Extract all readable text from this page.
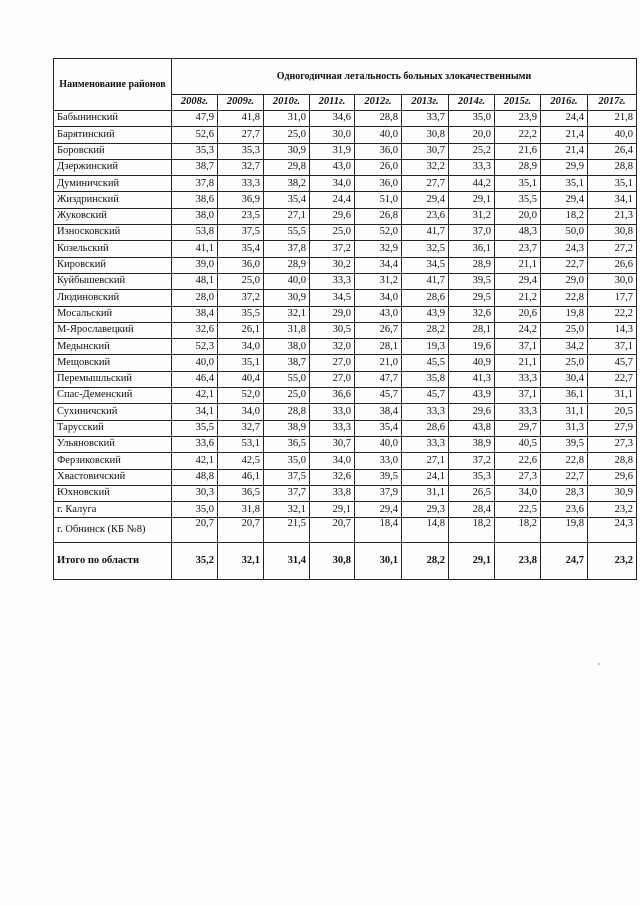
Наименование районов	Одногодичная летальность больных злокачественными									
	2008г.	2009г.	2010г.	2011г.	2012г.	2013г.	2014г.	2015г.	2016г.	2017г.
Бабынинский	47,9	41,8	31,0	34,6	28,8	33,7	35,0	23,9	24,4	21,8
Барятинский	52,6	27,7	25,0	30,0	40,0	30,8	20,0	22,2	21,4	40,0
Боровский	35,3	35,3	30,9	31,9	36,0	30,7	25,2	21,6	21,4	26,4
Дзержинский	38,7	32,7	29,8	43,0	26,0	32,2	33,3	28,9	29,9	28,8
Думиничский	37,8	33,3	38,2	34,0	36,0	27,7	44,2	35,1	35,1	35,1
Жиздринский	38,6	36,9	35,4	24,4	51,0	29,4	29,1	35,5	29,4	34,1
Жуковский	38,0	23,5	27,1	29,6	26,8	23,6	31,2	20,0	18,2	21,3
Износковский	53,8	37,5	55,5	25,0	52,0	41,7	37,0	48,3	50,0	30,8
Козельский	41,1	35,4	37,8	37,2	32,9	32,5	36,1	23,7	24,3	27,2
Кировский	39,0	36,0	28,9	30,2	34,4	34,5	28,9	21,1	22,7	26,6
Куйбышевский	48,1	25,0	40,0	33,3	31,2	41,7	39,5	29,4	29,0	30,0
Людиновский	28,0	37,2	30,9	34,5	34,0	28,6	29,5	21,2	22,8	17,7
Мосальский	38,4	35,5	32,1	29,0	43,0	43,9	32,6	20,6	19,8	22,2
М-Ярославецкий	32,6	26,1	31,8	30,5	26,7	28,2	28,1	24,2	25,0	14,3
Медынский	52,3	34,0	38,0	32,0	28,1	19,3	19,6	37,1	34,2	37,1
Мещовский	40,0	35,1	38,7	27,0	21,0	45,5	40,9	21,1	25,0	45,7
Перемышльский	46,4	40,4	55,0	27,0	47,7	35,8	41,3	33,3	30,4	22,7
Спас-Деменский	42,1	52,0	25,0	36,6	45,7	45,7	43,9	37,1	36,1	31,1
Сухиничский	34,1	34,0	28,8	33,0	38,4	33,3	29,6	33,3	31,1	20,5
Тарусский	35,5	32,7	38,9	33,3	35,4	28,6	43,8	29,7	31,3	27,9
Ульяновский	33,6	53,1	36,5	30,7	40,0	33,3	38,9	40,5	39,5	27,3
Ферзиковский	42,1	42,5	35,0	34,0	33,0	27,1	37,2	22,6	22,8	28,8
Хвастовичский	48,8	46,1	37,5	32,6	39,5	24,1	35,3	27,3	22,7	29,6
Юхновский	30,3	36,5	37,7	33,8	37,9	31,1	26,5	34,0	28,3	30,9
г. Калуга	35,0	31,8	32,1	29,1	29,4	29,3	28,4	22,5	23,6	23,2
г. Обнинск (КБ №8)	20,7	20,7	21,5	20,7	18,4	14,8	18,2	18,2	19,8	24,3
Итого по области	35,2	32,1	31,4	30,8	30,1	28,2	29,1	23,8	24,7	23,2
